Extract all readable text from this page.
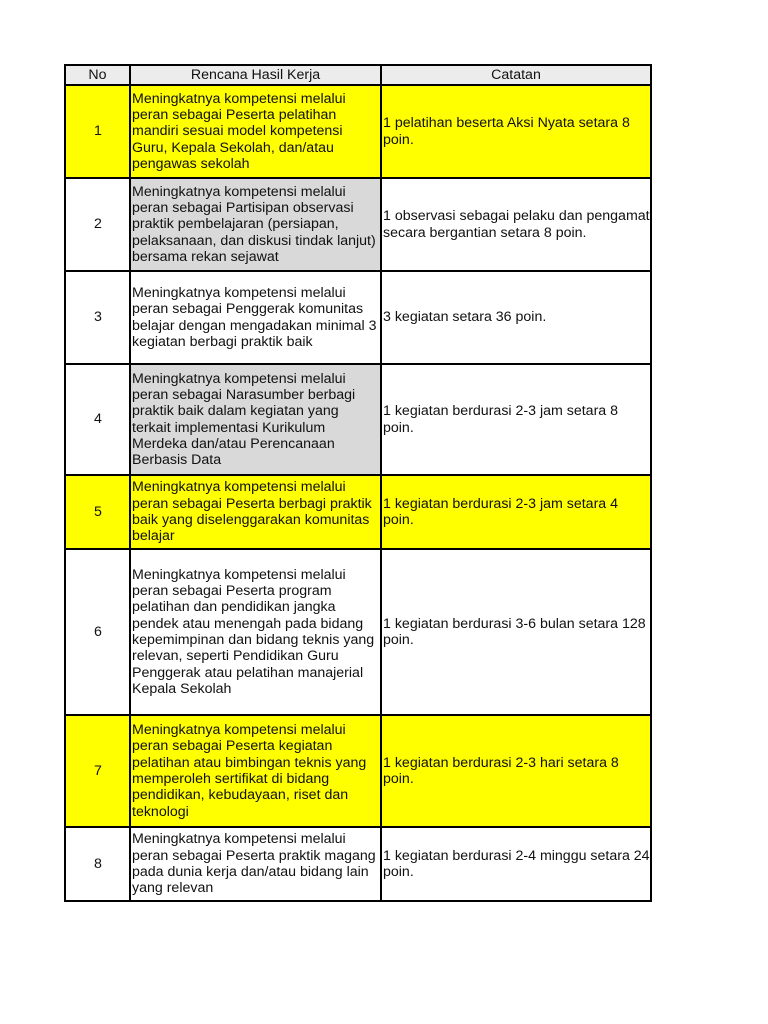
No	Rencana Hasil Kerja	Catatan
1	Meningkatnya kompetensi melalui peran sebagai Peserta pelatihan mandiri sesuai model kompetensi Guru, Kepala Sekolah, dan/atau pengawas sekolah	1 pelatihan beserta Aksi Nyata setara 8 poin.
2	Meningkatnya kompetensi melalui peran sebagai Partisipan observasi praktik pembelajaran (persiapan, pelaksanaan, dan diskusi tindak lanjut) bersama rekan sejawat	1 observasi sebagai pelaku dan pengamat secara bergantian setara 8 poin.
3	Meningkatnya kompetensi melalui peran sebagai Penggerak komunitas belajar dengan mengadakan minimal 3 kegiatan berbagi praktik baik	3 kegiatan setara 36 poin.
4	Meningkatnya kompetensi melalui peran sebagai Narasumber berbagi praktik baik dalam kegiatan yang terkait implementasi Kurikulum Merdeka dan/atau Perencanaan Berbasis Data	1 kegiatan berdurasi 2-3 jam setara 8 poin.
5	Meningkatnya kompetensi melalui peran sebagai Peserta berbagi praktik baik yang diselenggarakan komunitas belajar	1 kegiatan berdurasi 2-3 jam setara 4 poin.
6	Meningkatnya kompetensi melalui peran sebagai Peserta program pelatihan dan pendidikan jangka pendek atau menengah pada bidang kepemimpinan dan bidang teknis yang relevan, seperti Pendidikan Guru Penggerak atau pelatihan manajerial Kepala Sekolah	1 kegiatan berdurasi 3-6 bulan setara 128 poin.
7	Meningkatnya kompetensi melalui peran sebagai Peserta kegiatan pelatihan atau bimbingan teknis yang memperoleh sertifikat di bidang pendidikan, kebudayaan, riset dan teknologi	1 kegiatan berdurasi 2-3 hari setara 8 poin.
8	Meningkatnya kompetensi melalui peran sebagai Peserta praktik magang pada dunia kerja dan/atau bidang lain yang relevan	1 kegiatan berdurasi 2-4 minggu setara 24 poin.
